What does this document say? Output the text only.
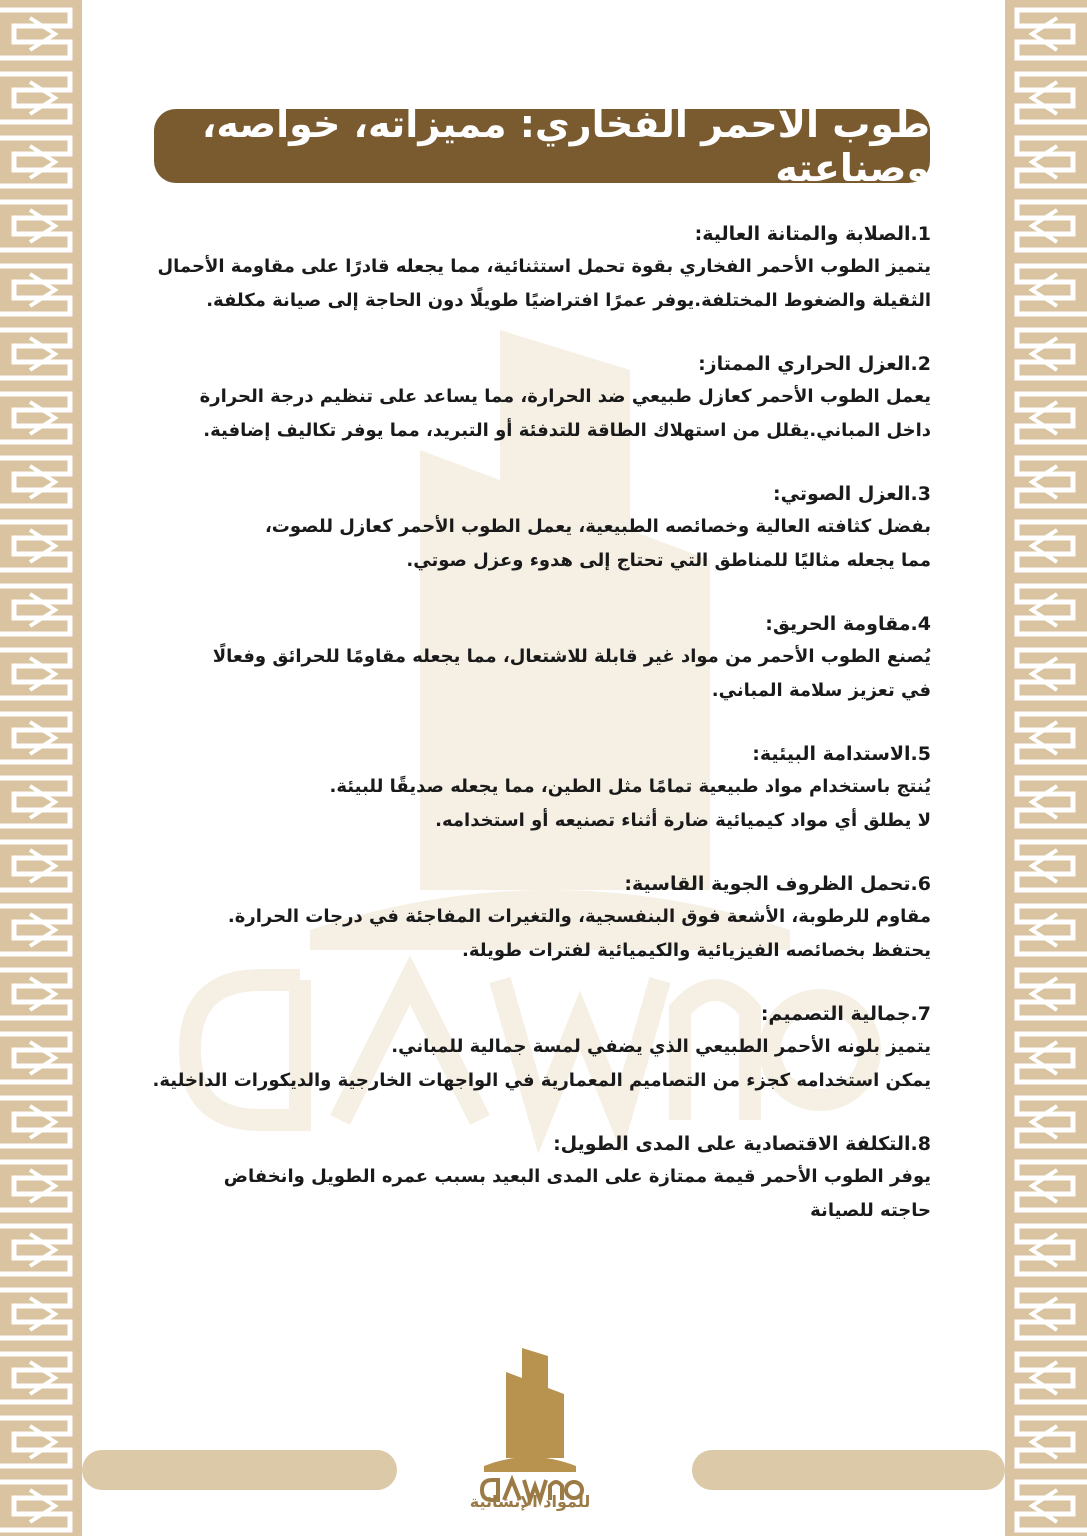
طوب الأحمر الفخاري: مميزاته، خواصه، وصناعته
1.الصلابة والمتانة العالية:
يتميز الطوب الأحمر الفخاري بقوة تحمل استثنائية، مما يجعله قادرًا على مقاومة الأحمال
الثقيلة والضغوط المختلفة.يوفر عمرًا افتراضيًا طويلًا دون الحاجة إلى صيانة مكلفة.
2.العزل الحراري الممتاز:
يعمل الطوب الأحمر كعازل طبيعي ضد الحرارة، مما يساعد على تنظيم درجة الحرارة
داخل المباني.يقلل من استهلاك الطاقة للتدفئة أو التبريد، مما يوفر تكاليف إضافية.
3.العزل الصوتي:
بفضل كثافته العالية وخصائصه الطبيعية، يعمل الطوب الأحمر كعازل للصوت،
مما يجعله مثاليًا للمناطق التي تحتاج إلى هدوء وعزل صوتي.
4.مقاومة الحريق:
يُصنع الطوب الأحمر من مواد غير قابلة للاشتعال، مما يجعله مقاومًا للحرائق وفعالًا
في تعزيز سلامة المباني.
5.الاستدامة البيئية:
يُنتج باستخدام مواد طبيعية تمامًا مثل الطين، مما يجعله صديقًا للبيئة.
لا يطلق أي مواد كيميائية ضارة أثناء تصنيعه أو استخدامه.
6.تحمل الظروف الجوية القاسية:
مقاوم للرطوبة، الأشعة فوق البنفسجية، والتغيرات المفاجئة في درجات الحرارة.
يحتفظ بخصائصه الفيزيائية والكيميائية لفترات طويلة.
7.جمالية التصميم:
يتميز بلونه الأحمر الطبيعي الذي يضفي لمسة جمالية للمباني.
يمكن استخدامه كجزء من التصاميم المعمارية في الواجهات الخارجية والديكورات الداخلية.
8.التكلفة الاقتصادية على المدى الطويل:
يوفر الطوب الأحمر قيمة ممتازة على المدى البعيد بسبب عمره الطويل وانخفاض
حاجته للصيانة
للمواد الإنشائية
